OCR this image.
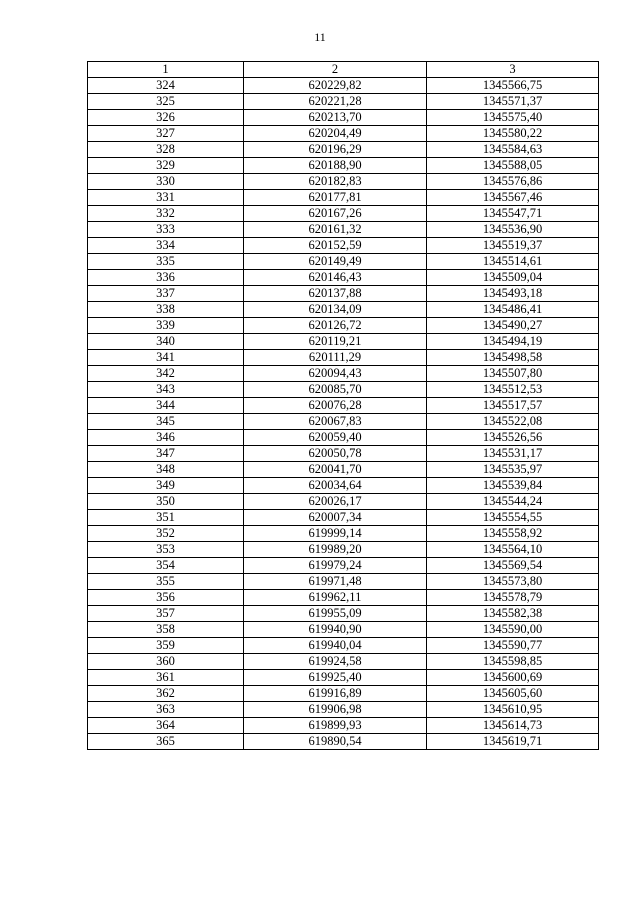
11
1	2	3
324	620229,82	1345566,75
325	620221,28	1345571,37
326	620213,70	1345575,40
327	620204,49	1345580,22
328	620196,29	1345584,63
329	620188,90	1345588,05
330	620182,83	1345576,86
331	620177,81	1345567,46
332	620167,26	1345547,71
333	620161,32	1345536,90
334	620152,59	1345519,37
335	620149,49	1345514,61
336	620146,43	1345509,04
337	620137,88	1345493,18
338	620134,09	1345486,41
339	620126,72	1345490,27
340	620119,21	1345494,19
341	620111,29	1345498,58
342	620094,43	1345507,80
343	620085,70	1345512,53
344	620076,28	1345517,57
345	620067,83	1345522,08
346	620059,40	1345526,56
347	620050,78	1345531,17
348	620041,70	1345535,97
349	620034,64	1345539,84
350	620026,17	1345544,24
351	620007,34	1345554,55
352	619999,14	1345558,92
353	619989,20	1345564,10
354	619979,24	1345569,54
355	619971,48	1345573,80
356	619962,11	1345578,79
357	619955,09	1345582,38
358	619940,90	1345590,00
359	619940,04	1345590,77
360	619924,58	1345598,85
361	619925,40	1345600,69
362	619916,89	1345605,60
363	619906,98	1345610,95
364	619899,93	1345614,73
365	619890,54	1345619,71
